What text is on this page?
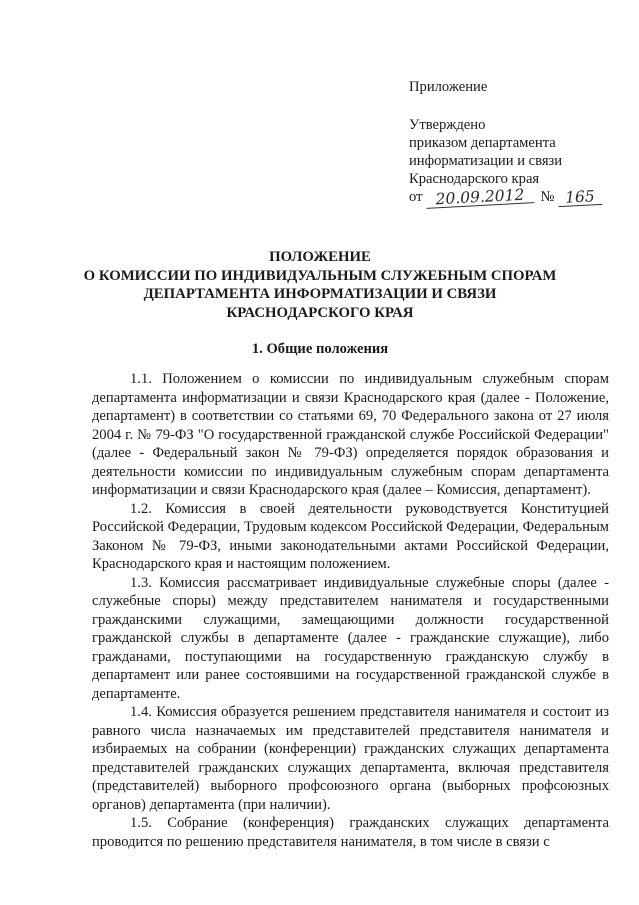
Приложение
Утверждено
приказом департамента
информатизации и связи
Краснодарского края
от 20.09.2012	№ 165
ПОЛОЖЕНИЕ
О КОМИССИИ ПО ИНДИВИДУАЛЬНЫМ СЛУЖЕБНЫМ СПОРАМ
ДЕПАРТАМЕНТА ИНФОРМАТИЗАЦИИ И СВЯЗИ
КРАСНОДАРСКОГО КРАЯ
1. Общие положения

1.1. Положением о комиссии по индивидуальным служебным спорам департамента информатизации и связи Краснодарского края (далее - Положение, департамент) в соответствии со статьями 69, 70 Федерального закона от 27 июля 2004 г. № 79-ФЗ "О государственной гражданской службе Российской Федерации" (далее - Федеральный закон № 79-ФЗ) определяется порядок образования и деятельности комиссии по индивидуальным служебным спорам департамента информатизации и связи Краснодарского края (далее – Комиссия, департамент).

1.2. Комиссия в своей деятельности руководствуется Конституцией Российской Федерации, Трудовым кодексом Российской Федерации, Федеральным Законом № 79-ФЗ, иными законодательными актами Российской Федерации, Краснодарского края и настоящим положением.

1.3. Комиссия рассматривает индивидуальные служебные споры (далее - служебные споры) между представителем нанимателя и государственными гражданскими служащими, замещающими должности государственной гражданской службы в департаменте (далее - гражданские служащие), либо гражданами, поступающими на государственную гражданскую службу в департамент или ранее состоявшими на государственной гражданской службе в департаменте.

1.4. Комиссия образуется решением представителя нанимателя и состоит из равного числа назначаемых им представителей представителя нанимателя и избираемых на собрании (конференции) гражданских служащих департамента представителей гражданских служащих департамента, включая представителя (представителей) выборного профсоюзного органа (выборных профсоюзных органов) департамента (при наличии).

1.5. Собрание (конференция) гражданских служащих департамента проводится по решению представителя нанимателя, в том числе в связи с
